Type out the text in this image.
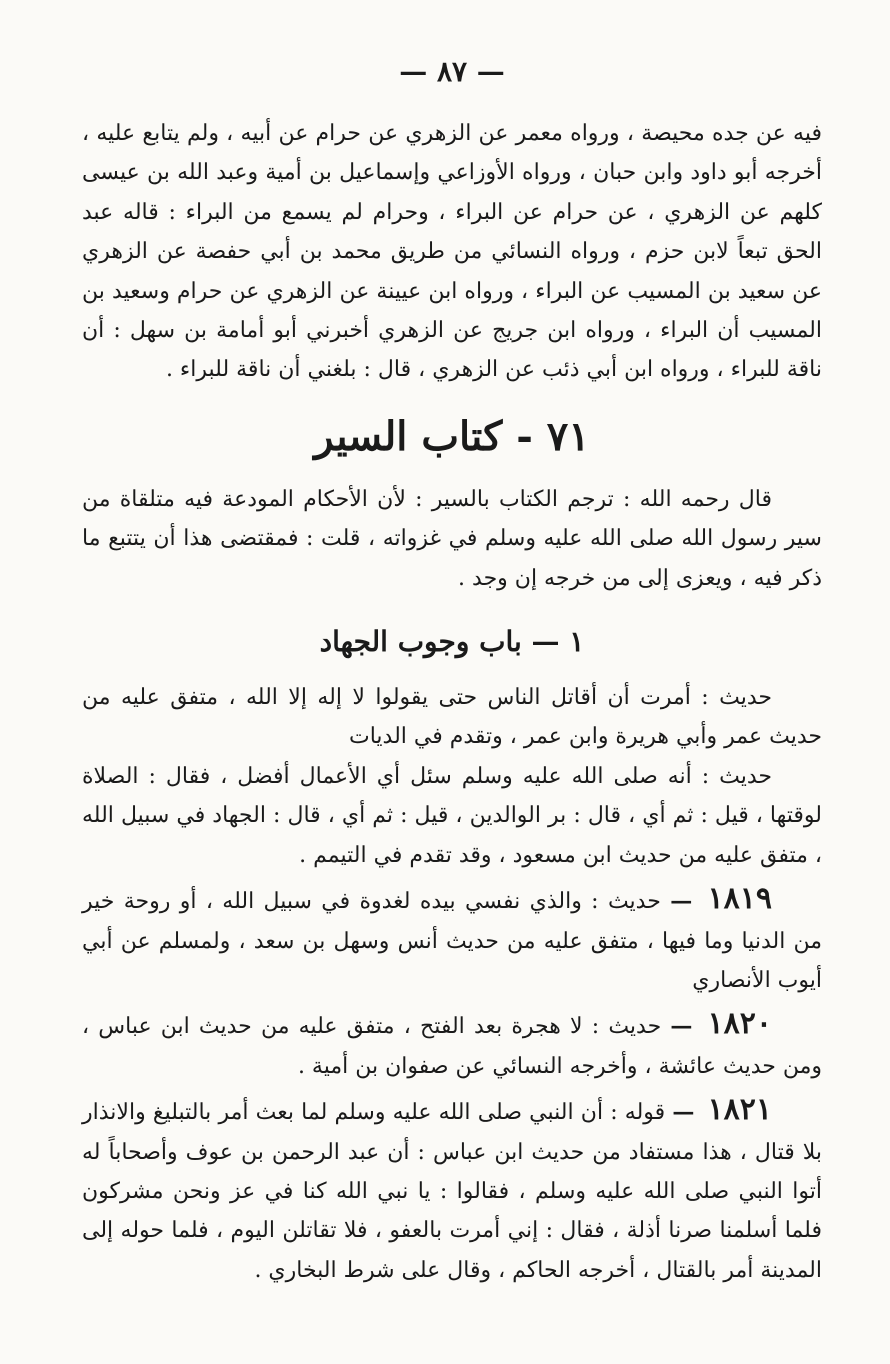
— ٨٧ —

فيه عن جده محيصة ، ورواه معمر عن الزهري عن حرام عن أبيه ، ولم يتابع عليه ، أخرجه أبو داود وابن حبان ، ورواه الأوزاعي وإسماعيل بن أمية وعبد الله بن عيسى كلهم عن الزهري ، عن حرام عن البراء ، وحرام لم يسمع من البراء : قاله عبد الحق تبعاً لابن حزم ، ورواه النسائي من طريق محمد بن أبي حفصة عن الزهري عن سعيد بن المسيب عن البراء ، ورواه ابن عيينة عن الزهري عن حرام وسعيد بن المسيب أن البراء ، ورواه ابن جريج عن الزهري أخبرني أبو أمامة بن سهل : أن ناقة للبراء ، ورواه ابن أبي ذئب عن الزهري ، قال : بلغني أن ناقة للبراء .

٧١ - كتاب السير

قال رحمه الله : ترجم الكتاب بالسير : لأن الأحكام المودعة فيه متلقاة من سير رسول الله صلى الله عليه وسلم في غزواته ، قلت : فمقتضى هذا أن يتتبع ما ذكر فيه ، ويعزى إلى من خرجه إن وجد .

١ — باب وجوب الجهاد

حديث : أمرت أن أقاتل الناس حتى يقولوا لا إله إلا الله ، متفق عليه من حديث عمر وأبي هريرة وابن عمر ، وتقدم في الديات

حديث : أنه صلى الله عليه وسلم سئل أي الأعمال أفضل ، فقال : الصلاة لوقتها ، قيل : ثم أي ، قال : بر الوالدين ، قيل : ثم أي ، قال : الجهاد في سبيل الله ، متفق عليه من حديث ابن مسعود ، وقد تقدم في التيمم .

١٨١٩ — حديث : والذي نفسي بيده لغدوة في سبيل الله ، أو روحة خير من الدنيا وما فيها ، متفق عليه من حديث أنس وسهل بن سعد ، ولمسلم عن أبي أيوب الأنصاري

١٨٢٠ — حديث : لا هجرة بعد الفتح ، متفق عليه من حديث ابن عباس ، ومن حديث عائشة ، وأخرجه النسائي عن صفوان بن أمية .

١٨٢١ — قوله : أن النبي صلى الله عليه وسلم لما بعث أمر بالتبليغ والانذار بلا قتال ، هذا مستفاد من حديث ابن عباس : أن عبد الرحمن بن عوف وأصحاباً له أتوا النبي صلى الله عليه وسلم ، فقالوا : يا نبي الله كنا في عز ونحن مشركون فلما أسلمنا صرنا أذلة ، فقال : إني أمرت بالعفو ، فلا تقاتلن اليوم ، فلما حوله إلى المدينة أمر بالقتال ، أخرجه الحاكم ، وقال على شرط البخاري .
